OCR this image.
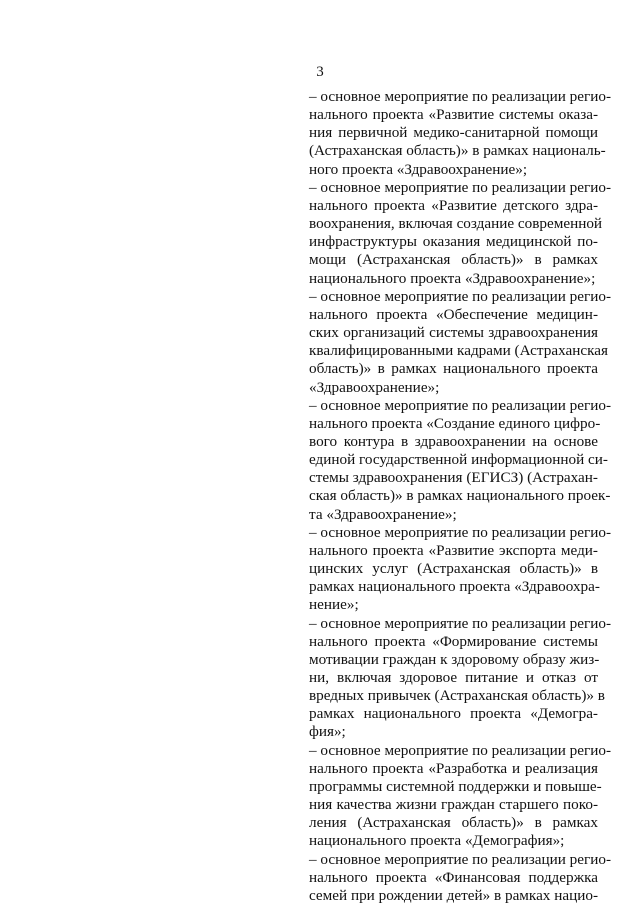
3
– основное мероприятие по реализации регио-
нального проекта «Развитие системы оказа-
ния первичной медико-санитарной помощи
(Астраханская область)» в рамках националь-
ного проекта «Здравоохранение»;
– основное мероприятие по реализации регио-
нального проекта «Развитие детского здра-
воохранения, включая создание современной
инфраструктуры оказания медицинской по-
мощи (Астраханская область)» в рамках
национального проекта «Здравоохранение»;
– основное мероприятие по реализации регио-
нального проекта «Обеспечение медицин-
ских организаций системы здравоохранения
квалифицированными кадрами (Астраханская
область)» в рамках национального проекта
«Здравоохранение»;
– основное мероприятие по реализации регио-
нального проекта «Создание единого цифро-
вого контура в здравоохранении на основе
единой государственной информационной си-
стемы здравоохранения (ЕГИСЗ) (Астрахан-
ская область)» в рамках национального проек-
та «Здравоохранение»;
– основное мероприятие по реализации регио-
нального проекта «Развитие экспорта меди-
цинских услуг (Астраханская область)» в
рамках национального проекта «Здравоохра-
нение»;
– основное мероприятие по реализации регио-
нального проекта «Формирование системы
мотивации граждан к здоровому образу жиз-
ни, включая здоровое питание и отказ от
вредных привычек (Астраханская область)» в
рамках национального проекта «Демогра-
фия»;
– основное мероприятие по реализации регио-
нального проекта «Разработка и реализация
программы системной поддержки и повыше-
ния качества жизни граждан старшего поко-
ления (Астраханская область)» в рамках
национального проекта «Демография»;
– основное мероприятие по реализации регио-
нального проекта «Финансовая поддержка
семей при рождении детей» в рамках нацио-
